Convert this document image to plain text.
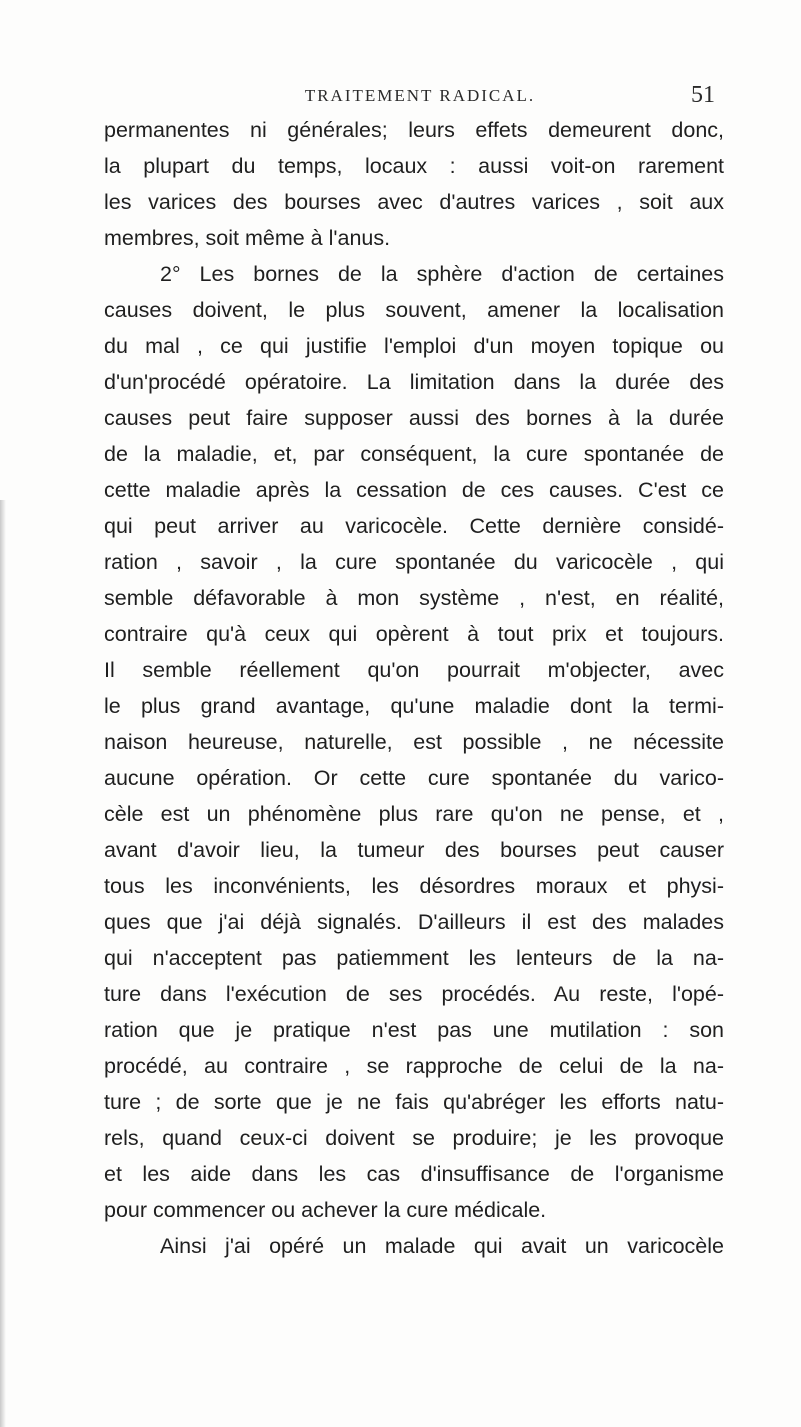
TRAITEMENT RADICAL.	51
permanentes ni générales; leurs effets demeurent donc,
la plupart du temps, locaux : aussi voit-on rarement
les varices des bourses avec d'autres varices , soit aux
membres, soit même à l'anus.
2° Les bornes de la sphère d'action de certaines
causes doivent, le plus souvent, amener la localisation
du mal , ce qui justifie l'emploi d'un moyen topique ou
d'un'procédé opératoire. La limitation dans la durée des
causes peut faire supposer aussi des bornes à la durée
de la maladie, et, par conséquent, la cure spontanée de
cette maladie après la cessation de ces causes. C'est ce
qui peut arriver au varicocèle. Cette dernière considé-
ration , savoir , la cure spontanée du varicocèle , qui
semble défavorable à mon système , n'est, en réalité,
contraire qu'à ceux qui opèrent à tout prix et toujours.
Il semble réellement qu'on pourrait m'objecter, avec
le plus grand avantage, qu'une maladie dont la termi-
naison heureuse, naturelle, est possible , ne nécessite
aucune opération. Or cette cure spontanée du varico-
cèle est un phénomène plus rare qu'on ne pense, et ,
avant d'avoir lieu, la tumeur des bourses peut causer
tous les inconvénients, les désordres moraux et physi-
ques que j'ai déjà signalés. D'ailleurs il est des malades
qui n'acceptent pas patiemment les lenteurs de la na-
ture dans l'exécution de ses procédés. Au reste, l'opé-
ration que je pratique n'est pas une mutilation : son
procédé, au contraire , se rapproche de celui de la na-
ture ; de sorte que je ne fais qu'abréger les efforts natu-
rels, quand ceux-ci doivent se produire; je les provoque
et les aide dans les cas d'insuffisance de l'organisme
pour commencer ou achever la cure médicale.
Ainsi j'ai opéré un malade qui avait un varicocèle
